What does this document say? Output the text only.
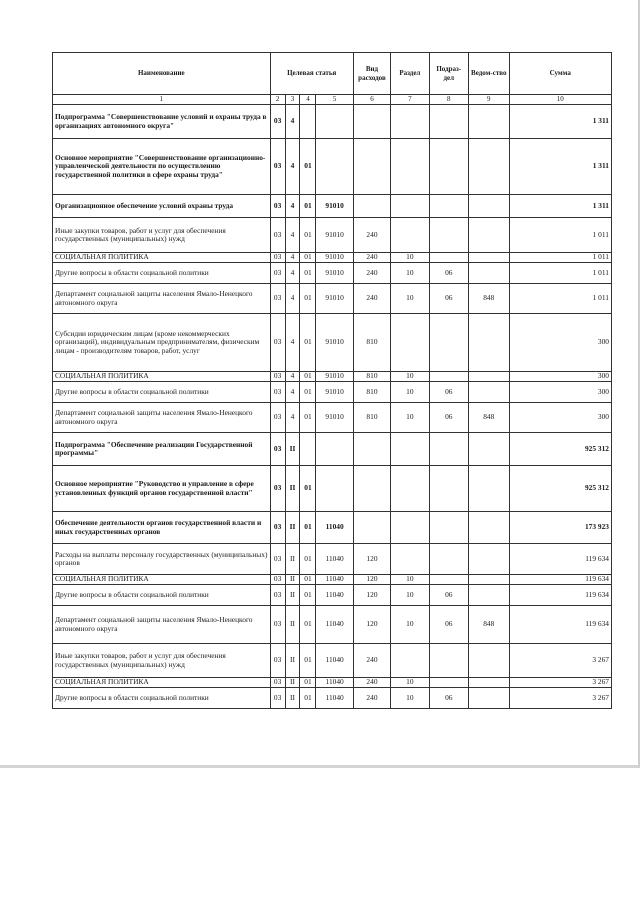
Наименование	Целевая статья				Вид расходов	Раздел	Подраз-дел	Ведом-ство	Сумма
1	2	3	4	5	6	7	8	9	10
Подпрограмма "Совершенствование условий и охраны труда в организациях автономного округа"	03	4							1 311
Основное мероприятие "Совершенствование организационно-управленческой деятельности по осуществлению государственной политики в сфере охраны труда"	03	4	01						1 311
Организационное обеспечение условий охраны труда	03	4	01	91010					1 311
Иные закупки товаров, работ и услуг для обеспечения государственных (муниципальных) нужд	03	4	01	91010	240				1 011
СОЦИАЛЬНАЯ ПОЛИТИКА	03	4	01	91010	240	10			1 011
Другие вопросы в области социальной политики	03	4	01	91010	240	10	06		1 011
Департамент социальной защиты населения Ямало-Ненецкого автономного округа	03	4	01	91010	240	10	06	848	1 011
Субсидии юридическим лицам (кроме некоммерческих организаций), индивидуальным предпринимателям, физическим лицам - производителям товаров, работ, услуг	03	4	01	91010	810				300
СОЦИАЛЬНАЯ ПОЛИТИКА	03	4	01	91010	810	10			300
Другие вопросы в области социальной политики	03	4	01	91010	810	10	06		300
Департамент социальной защиты населения Ямало-Ненецкого автономного округа	03	4	01	91010	810	10	06	848	300
Подпрограмма "Обеспечение реализации Государственной программы"	03	II							925 312
Основное мероприятие "Руководство и управление в сфере установленных функций органов государственной власти"	03	II	01						925 312
Обеспечение деятельности органов государственной власти и иных государственных органов	03	II	01	11040					173 923
Расходы на выплаты персоналу государственных (муниципальных) органов	03	II	01	11040	120				119 634
СОЦИАЛЬНАЯ ПОЛИТИКА	03	II	01	11040	120	10			119 634
Другие вопросы в области социальной политики	03	II	01	11040	120	10	06		119 634
Департамент социальной защиты населения Ямало-Ненецкого автономного округа	03	II	01	11040	120	10	06	848	119 634
Иные закупки товаров, работ и услуг для обеспечения государственных (муниципальных) нужд	03	II	01	11040	240				3 267
СОЦИАЛЬНАЯ ПОЛИТИКА	03	II	01	11040	240	10			3 267
Другие вопросы в области социальной политики	03	II	01	11040	240	10	06		3 267
